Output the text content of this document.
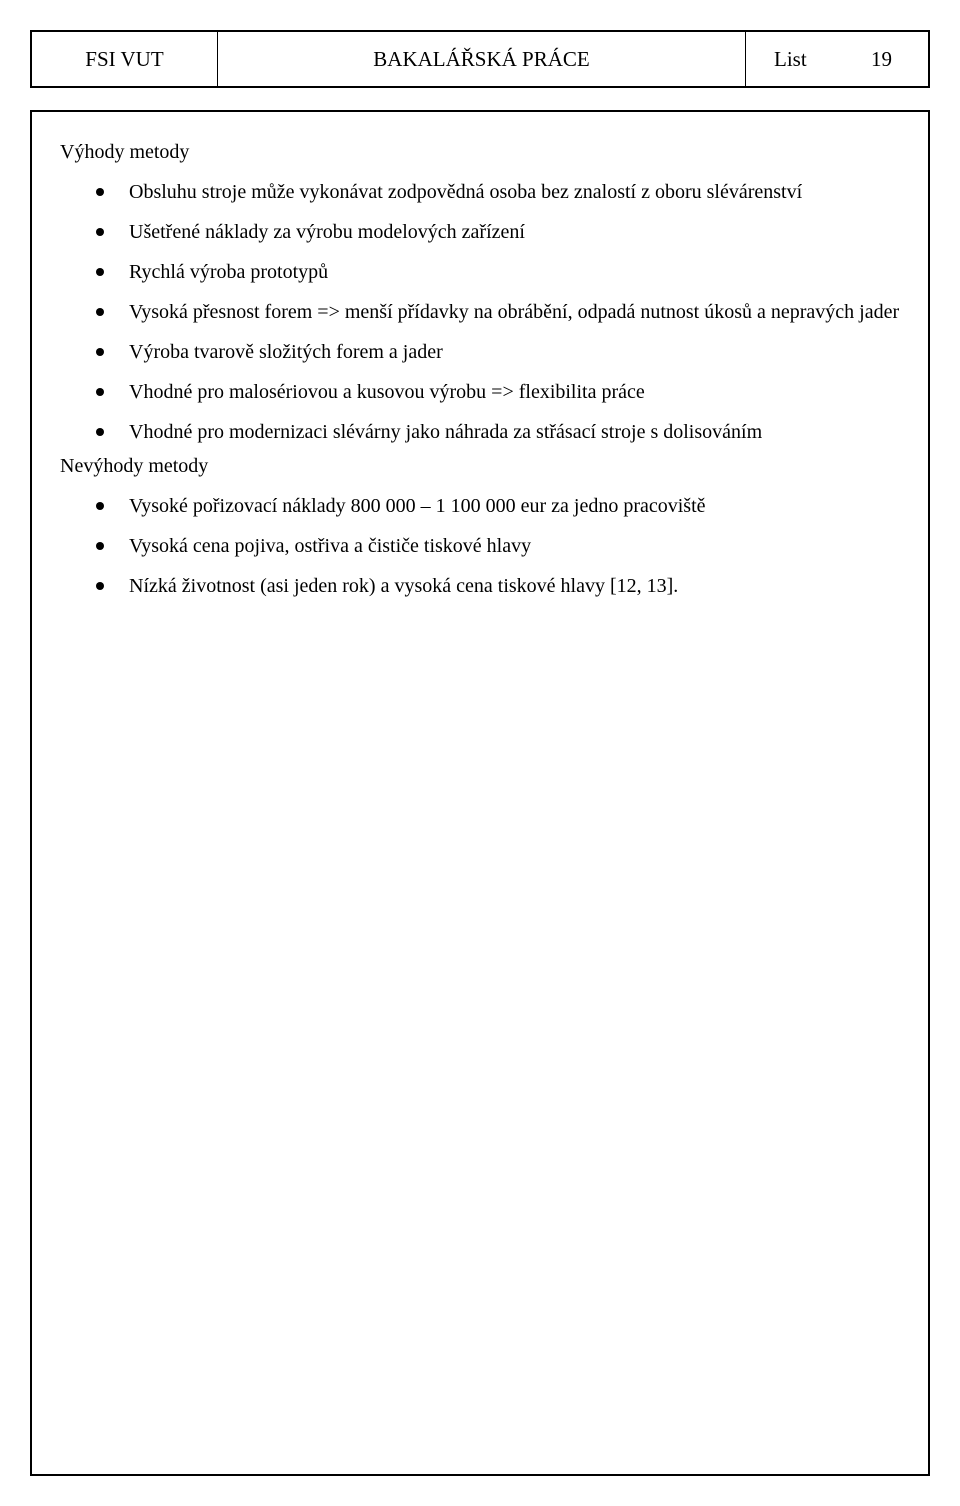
FSI VUT	BAKALÁŘSKÁ PRÁCE	List	19

Výhody metody

Obsluhu stroje může vykonávat zodpovědná osoba bez znalostí z oboru slévárenství
Ušetřené náklady za výrobu modelových zařízení
Rychlá výroba prototypů
Vysoká přesnost forem => menší přídavky na obrábění, odpadá nutnost úkosů a nepravých jader
Výroba tvarově složitých forem a jader
Vhodné pro malosériovou a kusovou výrobu => flexibilita práce
Vhodné pro modernizaci slévárny jako náhrada za střásací stroje s dolisováním

Nevýhody metody

Vysoké pořizovací náklady 800 000 – 1 100 000 eur za jedno pracoviště
Vysoká cena pojiva, ostřiva a čističe tiskové hlavy
Nízká životnost (asi jeden rok) a vysoká cena tiskové hlavy [12, 13].
